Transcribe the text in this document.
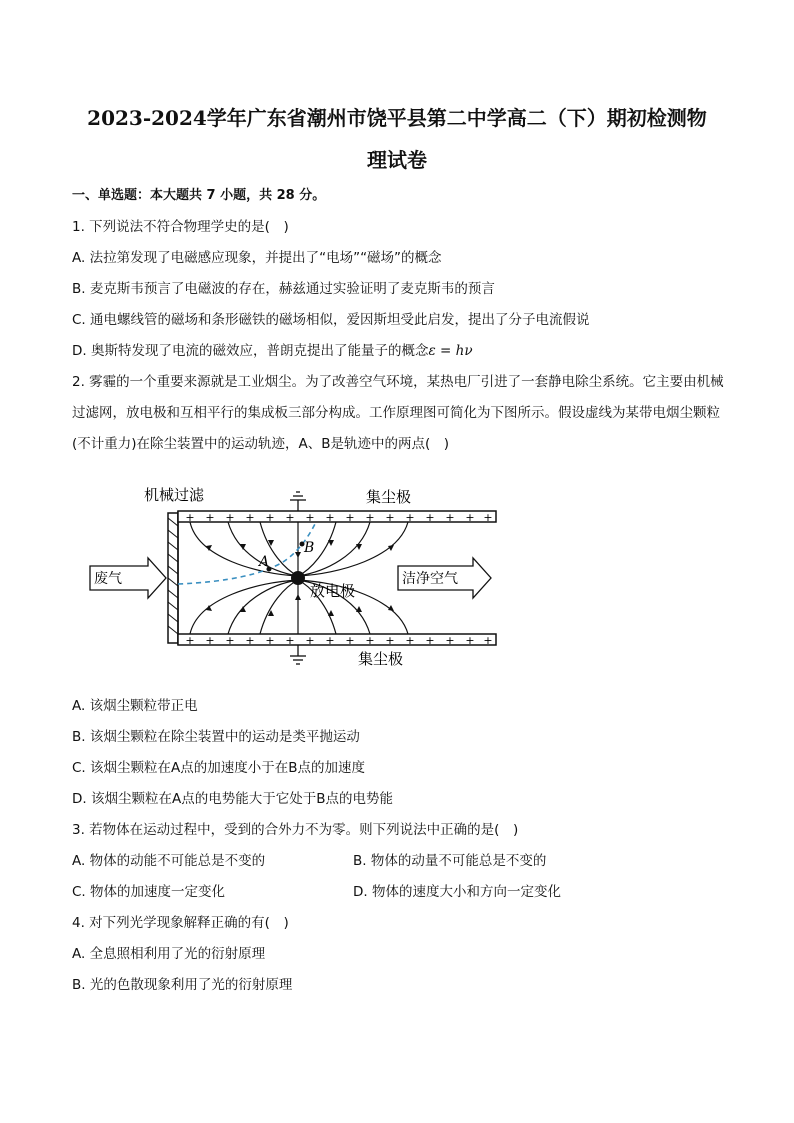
2023-2024学年广东省潮州市饶平县第二中学高二（下）期初检测物
理试卷
一、单选题：本大题共 7 小题，共 28 分。
1. 下列说法不符合物理学史的是(　)
A. 法拉第发现了电磁感应现象，并提出了“电场”“磁场”的概念
B. 麦克斯韦预言了电磁波的存在，赫兹通过实验证明了麦克斯韦的预言
C. 通电螺线管的磁场和条形磁铁的磁场相似，爱因斯坦受此启发，提出了分子电流假说
D. 奥斯特发现了电流的磁效应，普朗克提出了能量子的概念ε = hν
2. 雾霾的一个重要来源就是工业烟尘。为了改善空气环境，某热电厂引进了一套静电除尘系统。它主要由机械过滤网，放电极和互相平行的集成板三部分构成。工作原理图可简化为下图所示。假设虚线为某带电烟尘颗粒(不计重力)在除尘装置中的运动轨迹，A、B是轨迹中的两点(　)
+ + + + + + + + + + + + + + + +
+ + + + + + + + + + + + + + + +
A
B
废气	洁净空气
机械过滤	集尘极
集尘极
放电极
A. 该烟尘颗粒带正电
B. 该烟尘颗粒在除尘装置中的运动是类平抛运动
C. 该烟尘颗粒在A点的加速度小于在B点的加速度
D. 该烟尘颗粒在A点的电势能大于它处于B点的电势能
3. 若物体在运动过程中，受到的合外力不为零。则下列说法中正确的是(　)
A. 物体的动能不可能总是不变的	B. 物体的动量不可能总是不变的
C. 物体的加速度一定变化	D. 物体的速度大小和方向一定变化
4. 对下列光学现象解释正确的有(　)
A. 全息照相利用了光的衍射原理
B. 光的色散现象利用了光的衍射原理
